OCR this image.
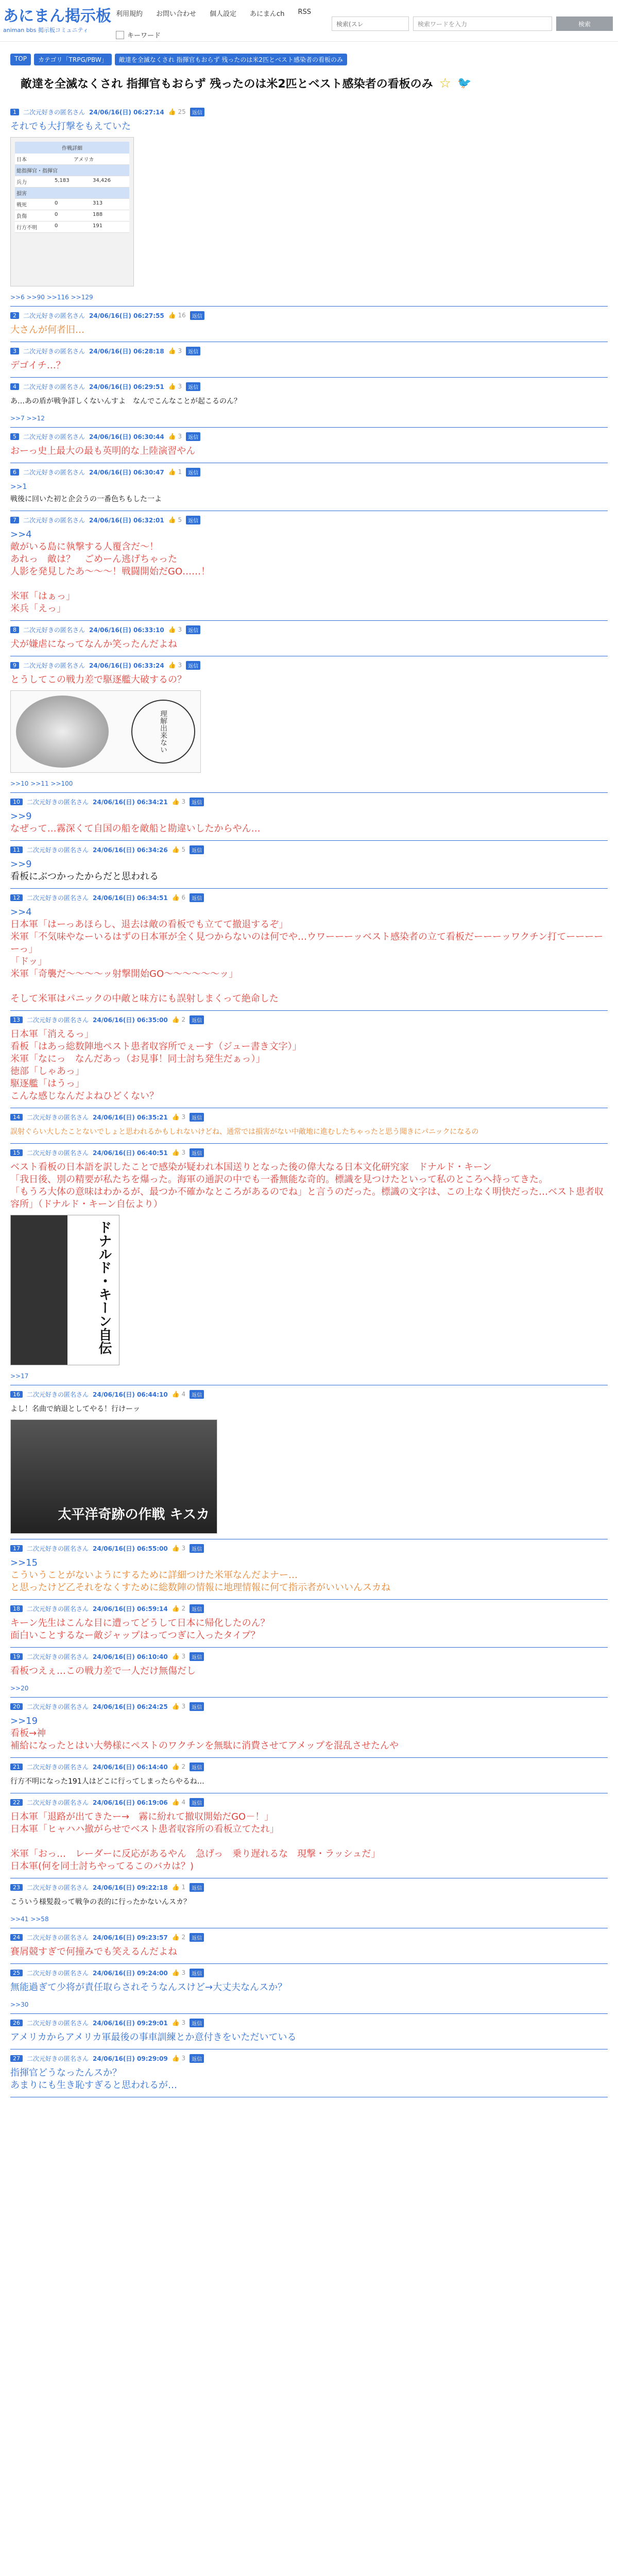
あにまん掲示板
animan bbs 掲示板コミュニティ
利用規約 お問い合わせ 個人設定 あにまんch RSS
キーワード
検索(スレ	検索ワードを入力	検索
TOP	カテゴリ「TRPG/PBW」	敵達を全滅なくされ 指揮官もおらず 残ったのは米2匹とベスト感染者の看板のみ
敵達を全滅なくされ 指揮官もおらず 残ったのは米2匹とベスト感染者の看板のみ ☆ 🐦
1	二次元好きの匿名さん 24/06/16(日) 06:27:14 👍 25	返信
それでも大打撃をもえていた
作戦詳細
日本	アメリカ
総指揮官・指揮官
兵力	5,183	34,426
損害
戦死	0	313
負傷	0	188
行方不明	0	191
>>6 >>90 >>116 >>129
2	二次元好きの匿名さん 24/06/16(日) 06:27:55 👍 16	返信
大さんが何者旧…
3	二次元好きの匿名さん 24/06/16(日) 06:28:18 👍 3	返信
デゴイチ…？
4	二次元好きの匿名さん 24/06/16(日) 06:29:51 👍 3	返信
あ…あの盾が戦争詳しくないんすよ　なんでこんなことが起こるのん？
>>7 >>12
5	二次元好きの匿名さん 24/06/16(日) 06:30:44 👍 3	返信
おーっ史上最大の最も英明的な上陸演習やん
6	二次元好きの匿名さん 24/06/16(日) 06:30:47 👍 1	返信
>>1
戦後に回いた初と企会うの一番色ちもした一よ
7	二次元好きの匿名さん 24/06/16(日) 06:32:01 👍 5	返信
>>4
敵がいる島に執撃する人覆含だ～！
あれっ　敵は？　ごめーん逃げちゃった
人影を発見したあ～～～！戦闘開始だGO……！

米軍「はぁっ」
米兵「えっ」
8	二次元好きの匿名さん 24/06/16(日) 06:33:10 👍 3	返信
犬が嫌虐になってなんか笑ったんだよね
9	二次元好きの匿名さん 24/06/16(日) 06:33:24 👍 3	返信
とうしてこの戦力差で駆逐艦大破するの？
理解出来ない
>>10 >>11 >>100
10	二次元好きの匿名さん 24/06/16(日) 06:34:21 👍 3	返信
>>9
なぜって…霧深くて自国の船を敵船と勘違いしたからやん…
11	二次元好きの匿名さん 24/06/16(日) 06:34:26 👍 5	返信
>>9
看板にぶつかったからだと思われる
12	二次元好きの匿名さん 24/06/16(日) 06:34:51 👍 6	返信
>>4
日本軍「はーっあほらし、退去は敵の看板でも立てて撤退するぞ」
米軍「不気味やなーいるはずの日本軍が全く見つからないのは何でや…ウワーーーッベスト感染者の立て看板だーーーッワクチン打てーーーーーっ」
「ドッ」
米軍「奇襲だ～～～～ッ射撃開始GO～～～～～～ッ」

そして米軍はパニックの中敵と味方にも誤射しまくって絶命した
13	二次元好きの匿名さん 24/06/16(日) 06:35:00 👍 2	返信
日本軍「消えるっ」
看板「はあっ総数陣地ペスト患者収容所でぇーす（ジュー書き文字）」
米軍「なにっ　なんだあっ（お見事！同士討ち発生だぁっ）」
徳部「しゃあっ」
駆逐艦「はうっ」
こんな感じなんだよねひどくない？
14	二次元好きの匿名さん 24/06/16(日) 06:35:21 👍 3	返信
誤射ぐらい大したことないでしょと思われるかもしれないけどね、通常では損害がない中敵地に進むしたちゃったと思う聞きにパニックになるの
15	二次元好きの匿名さん 24/06/16(日) 06:40:51 👍 3	返信
ベスト看板の日本語を訳したことで感染が疑われ本国送りとなった後の偉大なる日本文化研究家　ドナルド・キーン
「我日後、別の精要が私たちを爆った。海軍の通訳の中でも一番無能な奇的。標識を見つけたといって私のところへ持ってきた。
「もうろ大体の意味はわかるが、最つか不確かなところがあるのでね」と言うのだった。標識の文字は、この上なく明快だった…ベスト患者収容所」（ドナルド・キーン自伝より）
ドナルド・キーン自伝
>>17
16	二次元好きの匿名さん 24/06/16(日) 06:44:10 👍 4	返信
よし！名曲で納退としてやる！行けーッ
太平洋奇跡の作戦 キスカ
17	二次元好きの匿名さん 24/06/16(日) 06:55:00 👍 3	返信
>>15
こういうことがないようにするために詳細つけた米軍なんだよナー…
と思ったけど乙それをなくすために総数陣の情報に地理情報に何て指示者がいいいんスカね
18	二次元好きの匿名さん 24/06/16(日) 06:59:14 👍 2	返信
キーン先生はこんな目に遭ってどうして日本に帰化したのん？
面白いことするなー敵ジャップはってつぎに入ったタイプ？
19	二次元好きの匿名さん 24/06/16(日) 06:10:40 👍 3	返信
看板つえぇ…この戦力差で一人だけ無傷だし
>>20
20	二次元好きの匿名さん 24/06/16(日) 06:24:25 👍 3	返信
>>19
看板→神
補給になったとはい大勢様にペストのワクチンを無駄に消費させてアメップを混乱させたんや
21	二次元好きの匿名さん 24/06/16(日) 06:14:40 👍 2	返信
行方不明になった191人はどこに行ってしまったらやるね…
22	二次元好きの匿名さん 24/06/16(日) 06:19:06 👍 4	返信
日本軍「退路が出てきたー→　霧に紛れて撤収開始だGO－！」
日本軍「ヒャハハ撤がらせでベスト患者収容所の看板立てたれ」

米軍「おっ…　レーダーに反応があるやん　急げっ　乗り遅れるな　現撃・ラッシュだ」
日本軍(何を同士討ちやってるこのバカは？)
23	二次元好きの匿名さん 24/06/16(日) 09:22:18 👍 1	返信
こういう様髪殺って戦争の表的に行ったかないんスカ？
>>41 >>58
24	二次元好きの匿名さん 24/06/16(日) 09:23:57 👍 2	返信
賽屑競すぎで何撞みでも笑えるんだよね
25	二次元好きの匿名さん 24/06/16(日) 09:24:00 👍 3	返信
無能過ぎて少将が責任取らされそうなんスけど→大丈夫なんスか？
>>30
26	二次元好きの匿名さん 24/06/16(日) 09:29:01 👍 3	返信
アメリカからアメリカ軍最後の事車訓練とか意付きをいただいている
27	二次元好きの匿名さん 24/06/16(日) 09:29:09 👍 3	返信
指揮官どうなったんスか？
あまりにも生き恥すぎると思われるが…
